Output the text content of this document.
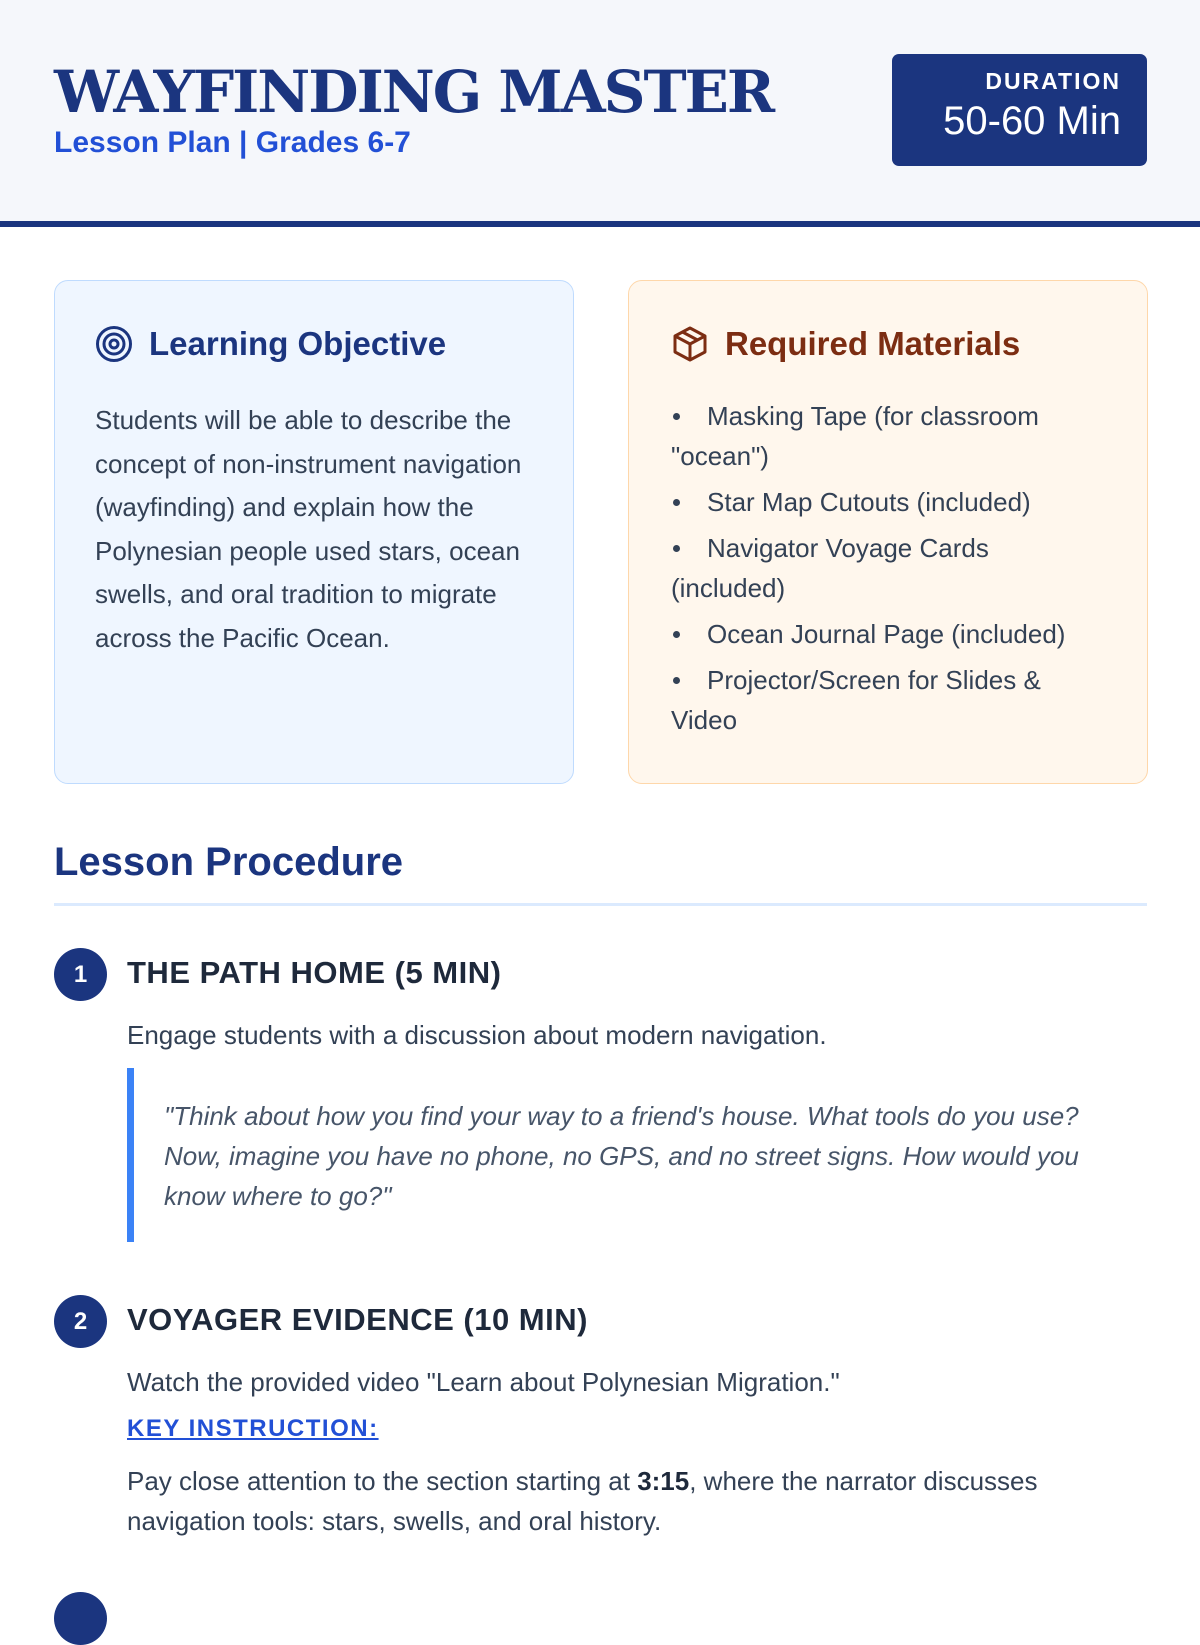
WAYFINDING MASTER
Lesson Plan | Grades 6-7
DURATION
50-60 Min
Learning Objective

Students will be able to describe the concept of non-instrument navigation (wayfinding) and explain how the Polynesian people used stars, ocean swells, and oral tradition to migrate across the Pacific Ocean.

Required Materials
Masking Tape (for classroom "ocean")
Star Map Cutouts (included)
Navigator Voyage Cards (included)
Ocean Journal Page (included)
Projector/Screen for Slides & Video
Lesson Procedure
1	THE PATH HOME (5 MIN)
Engage students with a discussion about modern navigation.
"Think about how you find your way to a friend's house. What tools do you use? Now, imagine you have no phone, no GPS, and no street signs. How would you know where to go?"
2	VOYAGER EVIDENCE (10 MIN)
Watch the provided video "Learn about Polynesian Migration."
KEY INSTRUCTION:
Pay close attention to the section starting at 3:15, where the narrator discusses navigation tools: stars, swells, and oral history.
